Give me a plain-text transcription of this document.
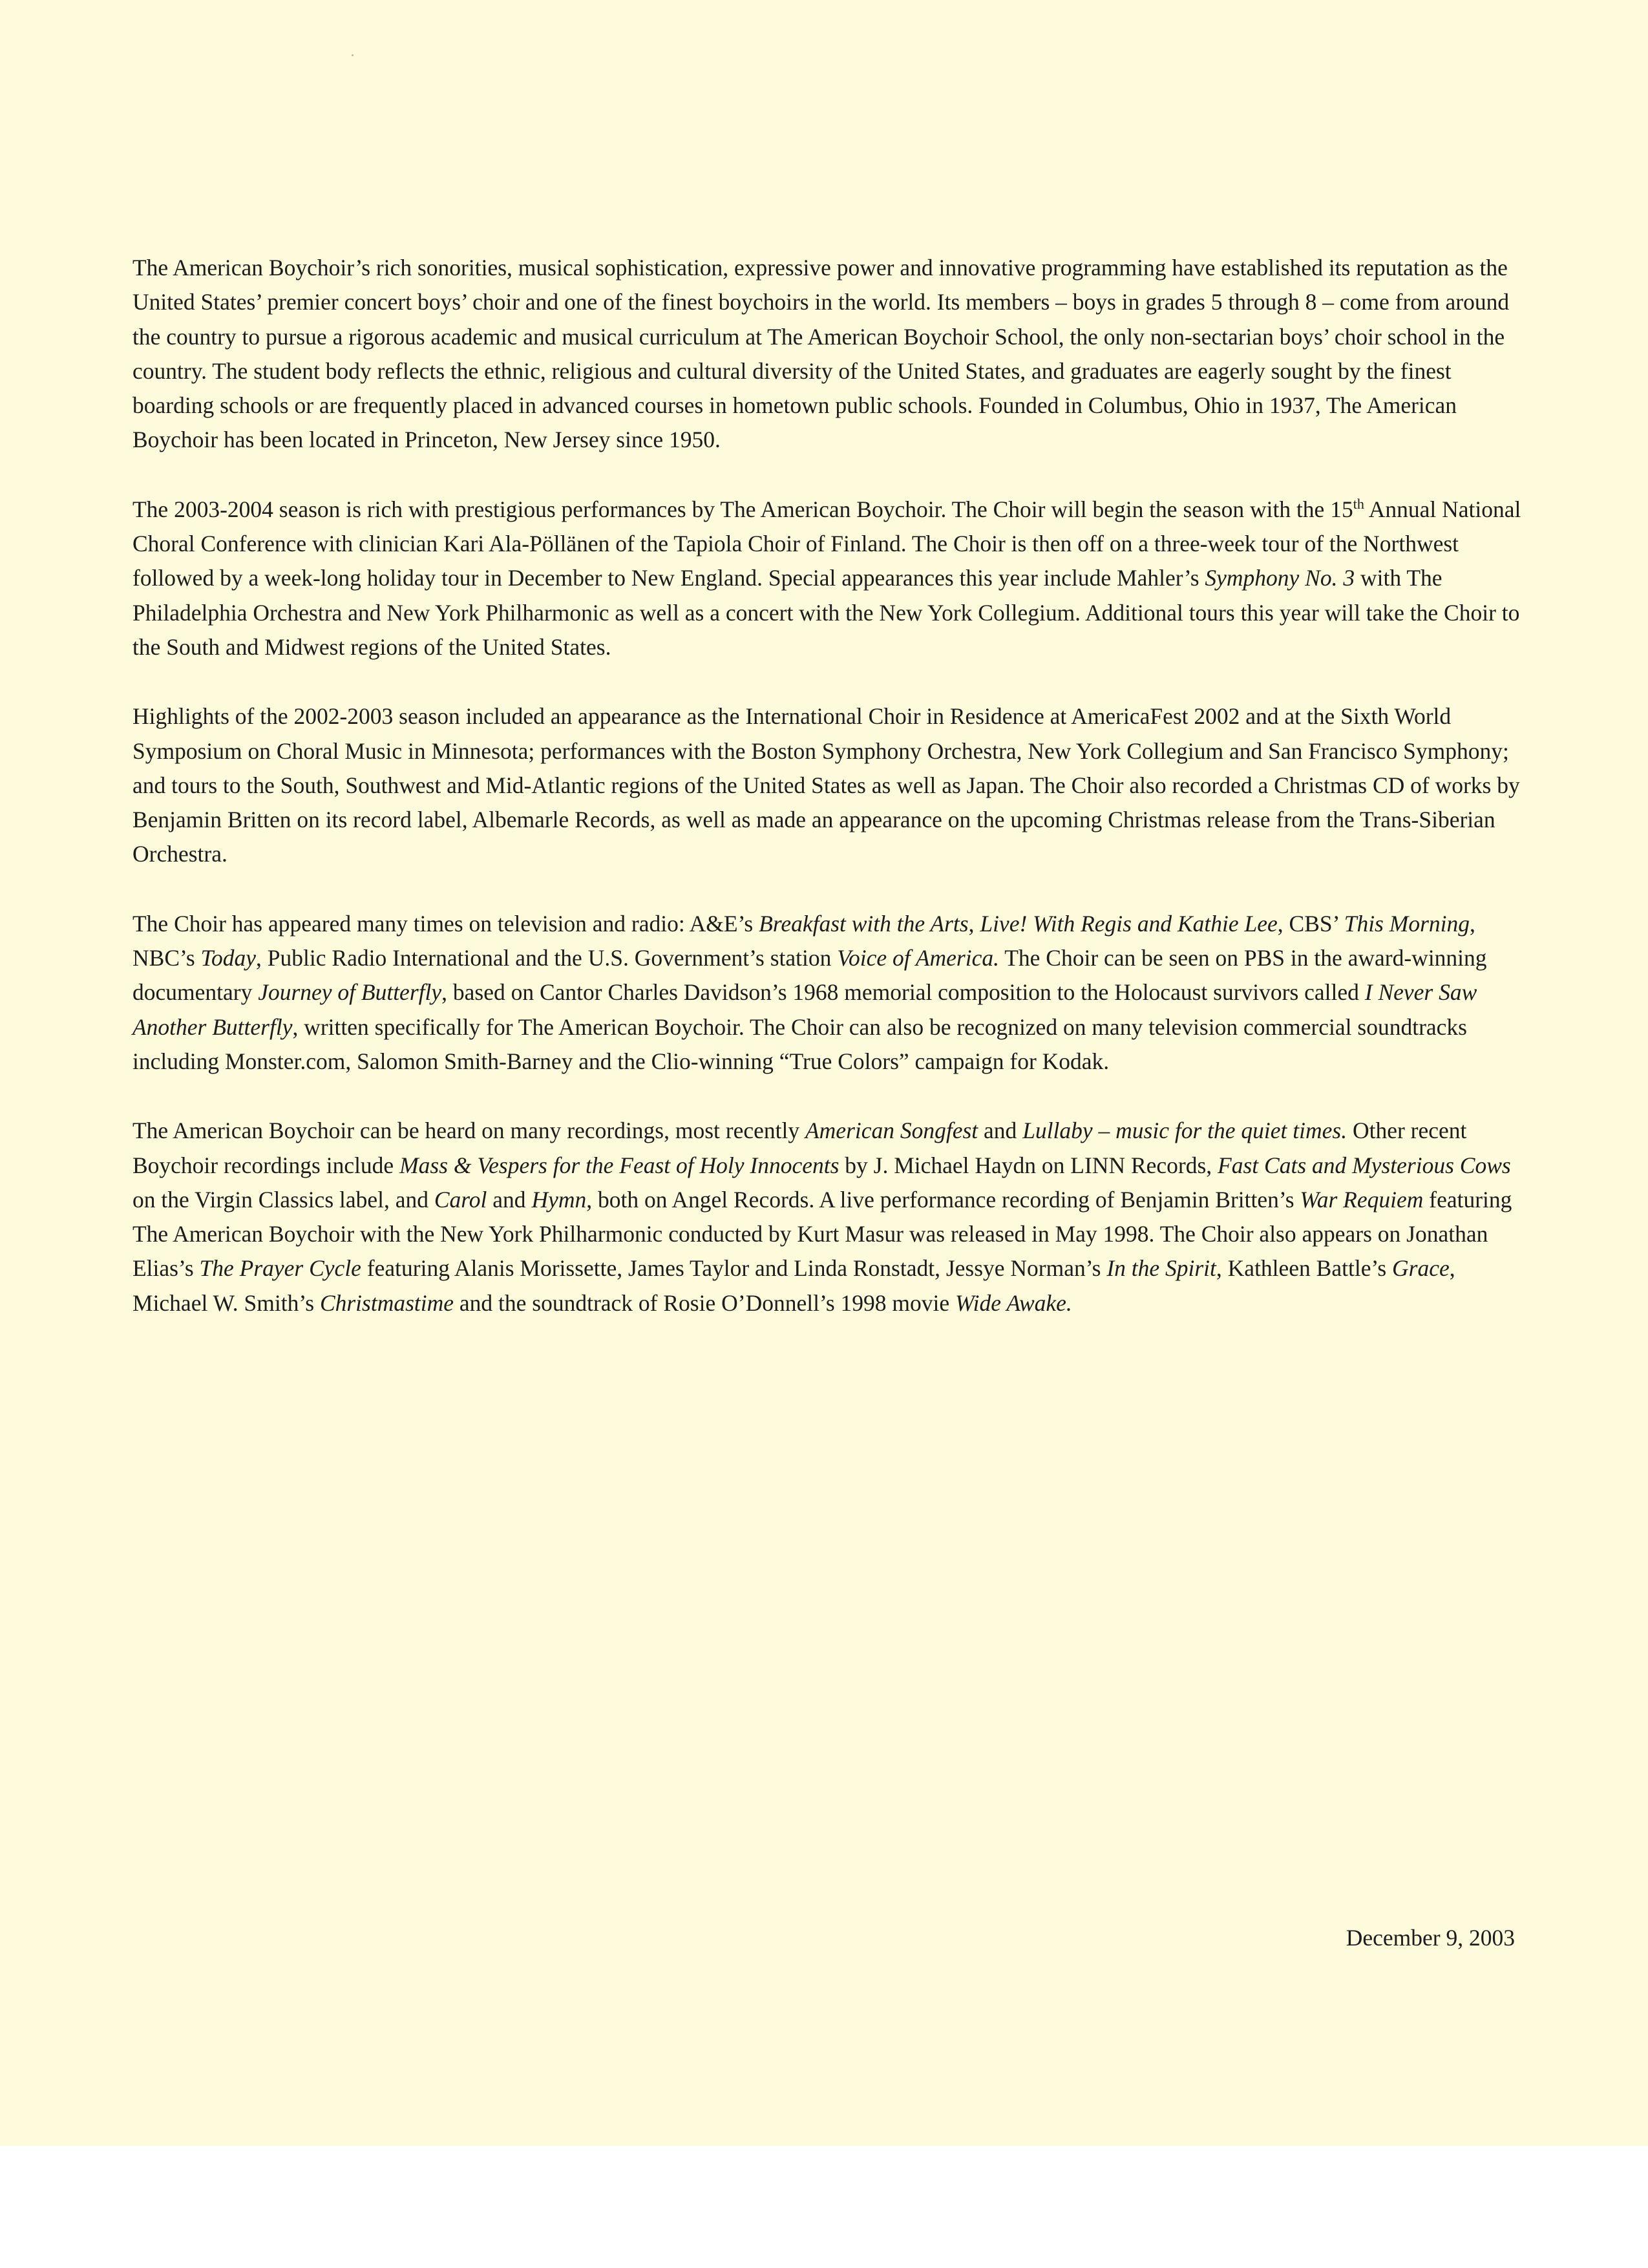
The American Boychoir’s rich sonorities, musical sophistication, expressive power and innovative programming have established its reputation as the United States’ premier concert boys’ choir and one of the finest boychoirs in the world. Its members – boys in grades 5 through 8 – come from around the country to pursue a rigorous academic and musical curriculum at The American Boychoir School, the only non-sectarian boys’ choir school in the country. The student body reflects the ethnic, religious and cultural diversity of the United States, and graduates are eagerly sought by the finest boarding schools or are frequently placed in advanced courses in hometown public schools. Founded in Columbus, Ohio in 1937, The American Boychoir has been located in Princeton, New Jersey since 1950.

The 2003-2004 season is rich with prestigious performances by The American Boychoir. The Choir will begin the season with the 15th Annual National Choral Conference with clinician Kari Ala-Pöllänen of the Tapiola Choir of Finland. The Choir is then off on a three-week tour of the Northwest followed by a week-long holiday tour in December to New England. Special appearances this year include Mahler’s Symphony No. 3 with The Philadelphia Orchestra and New York Philharmonic as well as a concert with the New York Collegium. Additional tours this year will take the Choir to the South and Midwest regions of the United States.

Highlights of the 2002-2003 season included an appearance as the International Choir in Residence at AmericaFest 2002 and at the Sixth World Symposium on Choral Music in Minnesota; performances with the Boston Symphony Orchestra, New York Collegium and San Francisco Symphony; and tours to the South, Southwest and Mid-Atlantic regions of the United States as well as Japan. The Choir also recorded a Christmas CD of works by Benjamin Britten on its record label, Albemarle Records, as well as made an appearance on the upcoming Christmas release from the Trans-Siberian Orchestra.

The Choir has appeared many times on television and radio: A&E’s Breakfast with the Arts, Live! With Regis and Kathie Lee, CBS’ This Morning, NBC’s Today, Public Radio International and the U.S. Government’s station Voice of America. The Choir can be seen on PBS in the award-winning documentary Journey of Butterfly, based on Cantor Charles Davidson’s 1968 memorial composition to the Holocaust survivors called I Never Saw Another Butterfly, written specifically for The American Boychoir. The Choir can also be recognized on many television commercial soundtracks including Monster.com, Salomon Smith-Barney and the Clio-winning “True Colors” campaign for Kodak.

The American Boychoir can be heard on many recordings, most recently American Songfest and Lullaby – music for the quiet times. Other recent Boychoir recordings include Mass & Vespers for the Feast of Holy Innocents by J. Michael Haydn on LINN Records, Fast Cats and Mysterious Cows on the Virgin Classics label, and Carol and Hymn, both on Angel Records. A live performance recording of Benjamin Britten’s War Requiem featuring The American Boychoir with the New York Philharmonic conducted by Kurt Masur was released in May 1998. The Choir also appears on Jonathan Elias’s The Prayer Cycle featuring Alanis Morissette, James Taylor and Linda Ronstadt, Jessye Norman’s In the Spirit, Kathleen Battle’s Grace, Michael W. Smith’s Christmastime and the soundtrack of Rosie O’Donnell’s 1998 movie Wide Awake.

December 9, 2003
